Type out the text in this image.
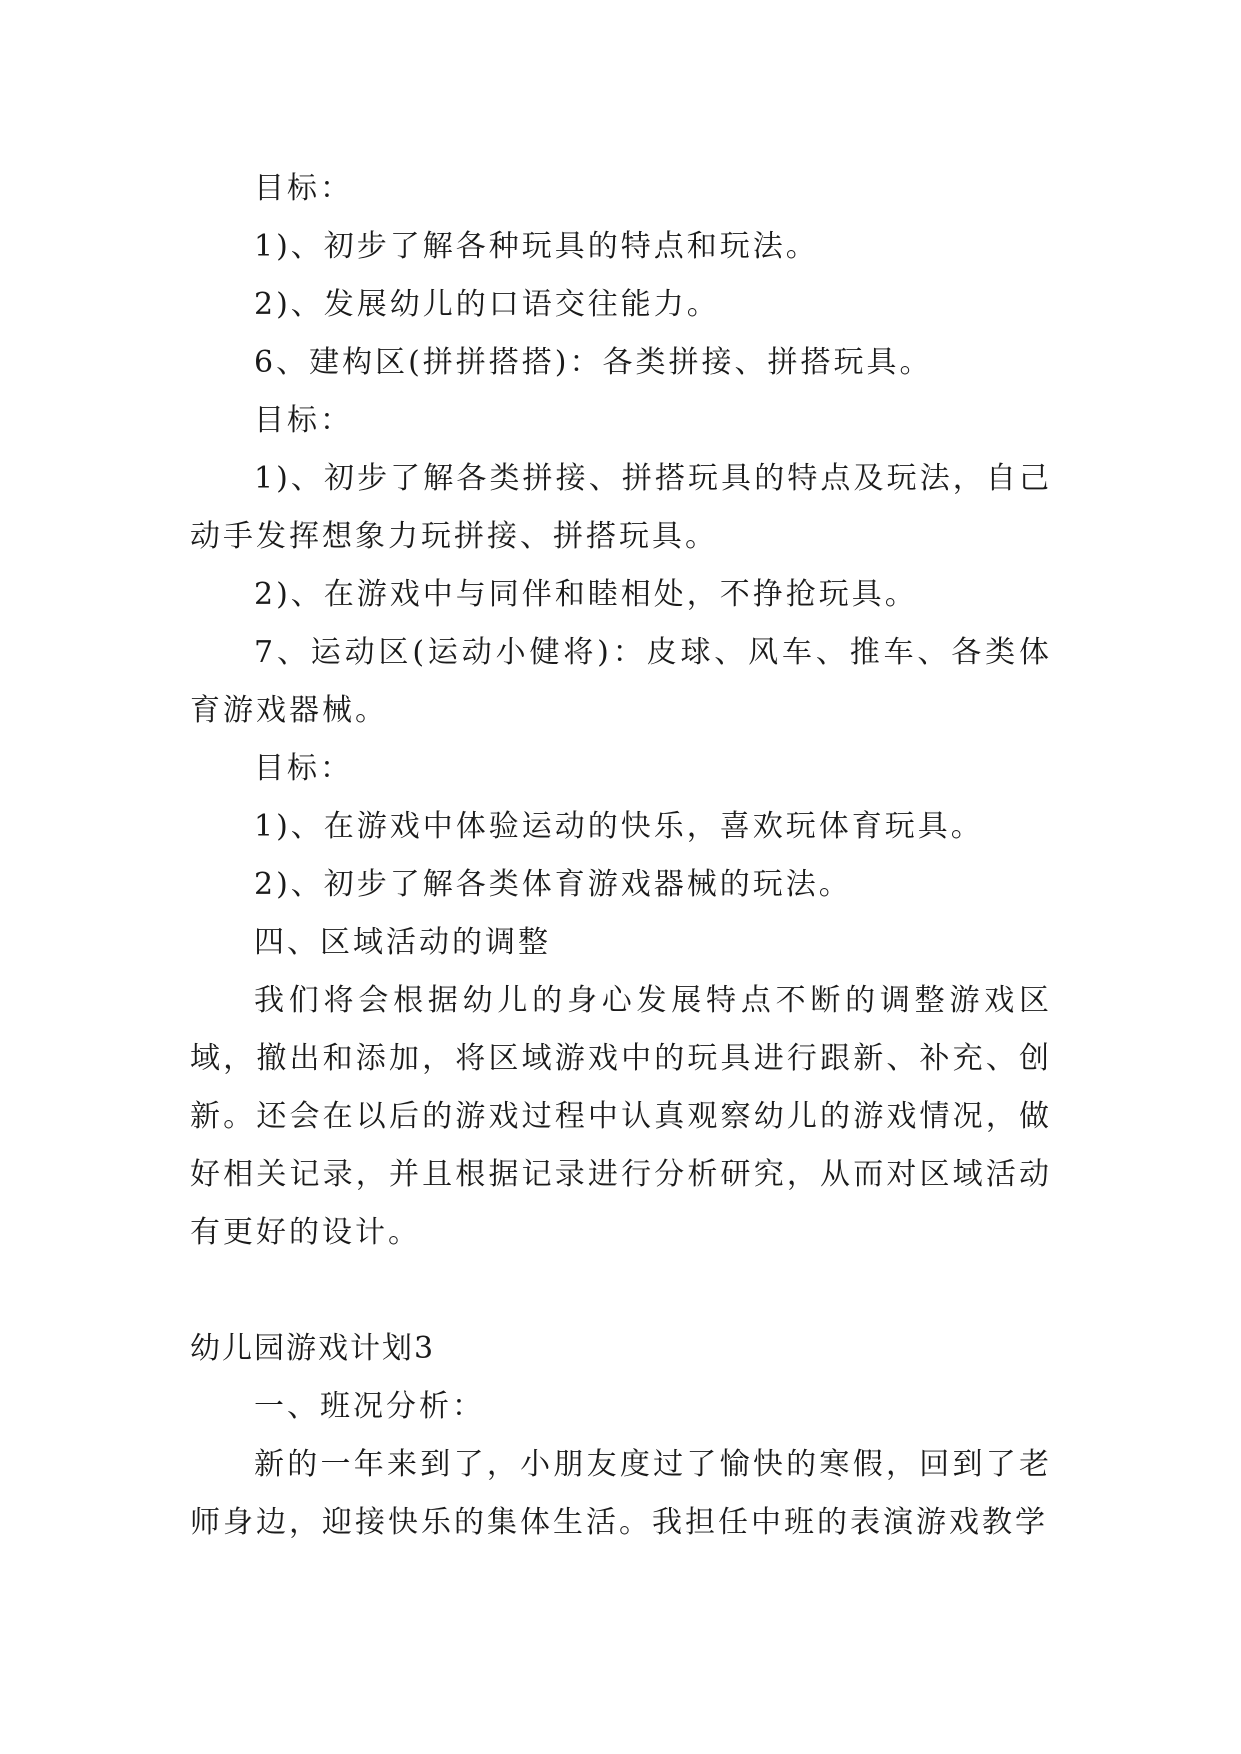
目标：

1)、初步了解各种玩具的特点和玩法。

2)、发展幼儿的口语交往能力。

6、建构区(拼拼搭搭)：各类拼接、拼搭玩具。

目标：

1)、初步了解各类拼接、拼搭玩具的特点及玩法，自己动手发挥想象力玩拼接、拼搭玩具。

2)、在游戏中与同伴和睦相处，不挣抢玩具。

7、运动区(运动小健将)：皮球、风车、推车、各类体育游戏器械。

目标：

1)、在游戏中体验运动的快乐，喜欢玩体育玩具。

2)、初步了解各类体育游戏器械的玩法。

四、区域活动的调整

我们将会根据幼儿的身心发展特点不断的调整游戏区域，撤出和添加，将区域游戏中的玩具进行跟新、补充、创新。还会在以后的游戏过程中认真观察幼儿的游戏情况，做好相关记录，并且根据记录进行分析研究，从而对区域活动有更好的设计。

幼儿园游戏计划3

一、班况分析：

新的一年来到了，小朋友度过了愉快的寒假，回到了老师身边，迎接快乐的集体生活。我担任中班的表演游戏教学
